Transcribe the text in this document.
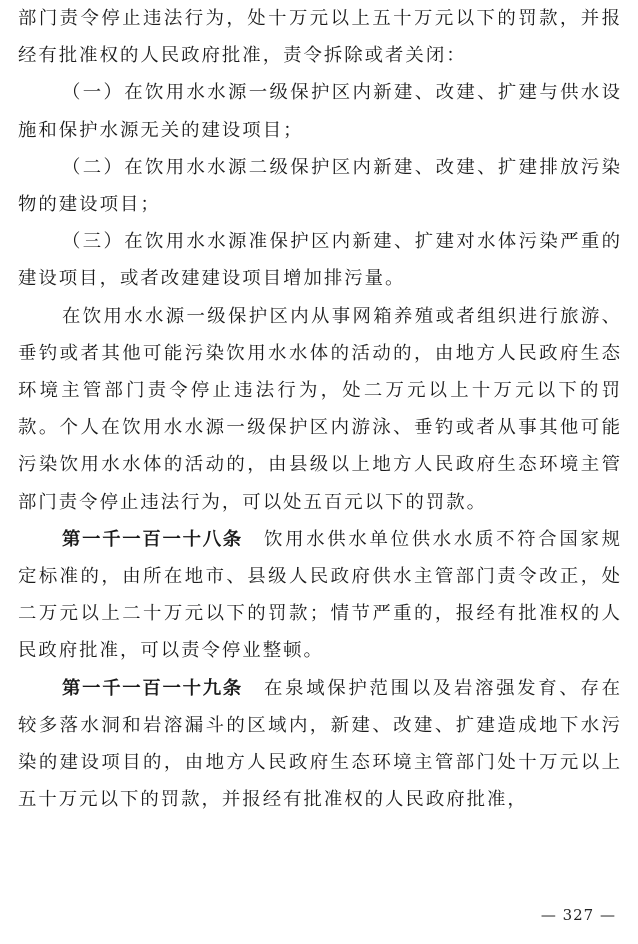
部门责令停止违法行为，处十万元以上五十万元以下的罚款，并报经有批准权的人民政府批准，责令拆除或者关闭：

（一）在饮用水水源一级保护区内新建、改建、扩建与供水设施和保护水源无关的建设项目；

（二）在饮用水水源二级保护区内新建、改建、扩建排放污染物的建设项目；

（三）在饮用水水源准保护区内新建、扩建对水体污染严重的建设项目，或者改建建设项目增加排污量。

在饮用水水源一级保护区内从事网箱养殖或者组织进行旅游、垂钓或者其他可能污染饮用水水体的活动的，由地方人民政府生态环境主管部门责令停止违法行为，处二万元以上十万元以下的罚款。个人在饮用水水源一级保护区内游泳、垂钓或者从事其他可能污染饮用水水体的活动的，由县级以上地方人民政府生态环境主管部门责令停止违法行为，可以处五百元以下的罚款。

第一千一百一十八条　 饮用水供水单位供水水质不符合国家规定标准的，由所在地市、县级人民政府供水主管部门责令改正，处二万元以上二十万元以下的罚款；情节严重的，报经有批准权的人民政府批准，可以责令停业整顿。

第一千一百一十九条　 在泉域保护范围以及岩溶强发育、存在较多落水洞和岩溶漏斗的区域内，新建、改建、扩建造成地下水污染的建设项目的，由地方人民政府生态环境主管部门处十万元以上五十万元以下的罚款，并报经有批准权的人民政府批准，

— 327 —
